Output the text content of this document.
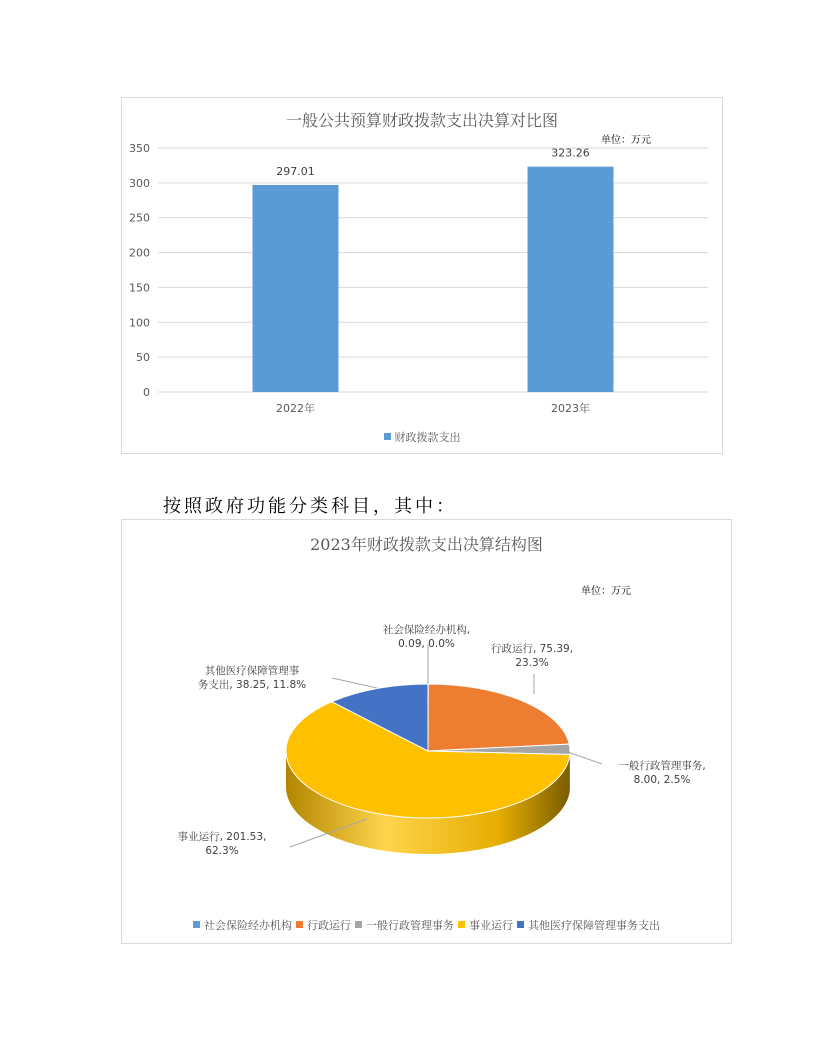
一般公共预算财政拨款支出决算对比图
单位：万元
0
50
100
150
200
250
300
350
297.01
2022年
323.26
2023年
财政拨款支出
按照政府功能分类科目，其中：
2023年财政拨款支出决算结构图
单位：万元
社会保险经办机构,
0.09, 0.0%	行政运行, 75.39,
23.3%
一般行政管理事务,
8.00, 2.5%
事业运行, 201.53,
62.3%
其他医疗保障管理事
务支出, 38.25, 11.8%
社会保险经办机构 行政运行 一般行政管理事务 事业运行 其他医疗保障管理事务支出
